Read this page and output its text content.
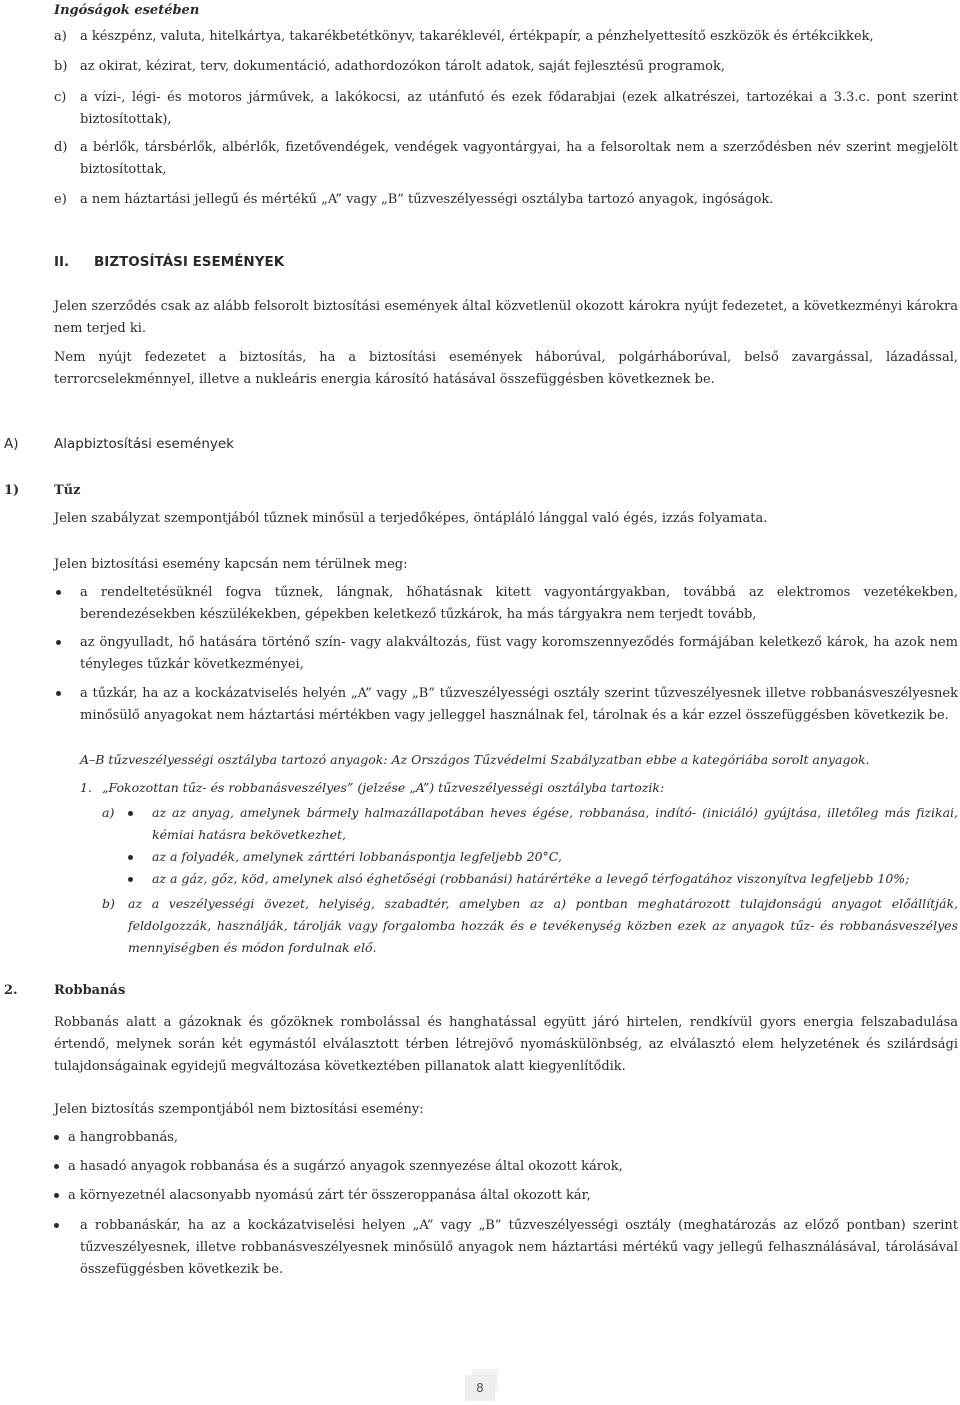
Ingóságok esetében
a)	a készpénz, valuta, hitelkártya, takarékbetétkönyv, takaréklevél, értékpapír, a pénzhelyettesítő eszközök és értékcikkek,
b) az okirat, kézirat, terv, dokumentáció, adathordozókon tárolt adatok, saját fejlesztésű programok,
c)	a vízi-, légi- és motoros járművek, a lakókocsi, az utánfutó és ezek fődarabjai (ezek alkatrészei, tartozékai a 3.3.c. pont szerint biztosítottak),
d) a bérlők, társbérlők, albérlők, fizetővendégek, vendégek vagyontárgyai, ha a felsoroltak nem a szerződésben név szerint megjelölt biztosítottak,
e)	a nem háztartási jellegű és mértékű „A” vagy „B” tűzveszélyességi osztályba tartozó anyagok, ingóságok.
II.	BIZTOSÍTÁSI ESEMÉNYEK
Jelen szerződés csak az alább felsorolt biztosítási események által közvetlenül okozott károkra nyújt fedezetet, a következményi károkra nem terjed ki.
Nem nyújt fedezetet a biztosítás, ha a biztosítási események háborúval, polgárháborúval, belső zavargással, lázadással, terrorcselekménnyel, illetve a nukleáris energia károsító hatásával összefüggésben következnek be.
A)	Alapbiztosítási események
1)	Tűz
Jelen szabályzat szempontjából tűznek minősül a terjedőképes, öntápláló lánggal való égés, izzás folyamata.
Jelen biztosítási esemény kapcsán nem térülnek meg:
a rendeltetésüknél fogva tűznek, lángnak, hőhatásnak kitett vagyontárgyakban, továbbá az elektromos vezetékekben, berendezésekben készülékekben, gépekben keletkező tűzkárok, ha más tárgyakra nem terjedt tovább,
az öngyulladt, hő hatására történő szín- vagy alakváltozás, füst vagy koromszennyeződés formájában keletkező károk, ha azok nem tényleges tűzkár következményei,
a tűzkár, ha az a kockázatviselés helyén „A” vagy „B” tűzveszélyességi osztály szerint tűzveszélyesnek illetve robbanásveszélyesnek minősülő anyagokat nem háztartási mértékben vagy jelleggel használnak fel, tárolnak és a kár ezzel összefüggésben következik be.
A–B tűzveszélyességi osztályba tartozó anyagok: Az Országos Tűzvédelmi Szabályzatban ebbe a kategóriába sorolt anyagok.
1. „Fokozottan tűz- és robbanásveszélyes” (jelzése „A”) tűzveszélyességi osztályba tartozik:
a)	az az anyag, amelynek bármely halmazállapotában heves égése, robbanása, indító- (iniciáló) gyújtása, illetőleg más fizikai, kémiai hatásra bekövetkezhet,
az a folyadék, amelynek zárttéri lobbanáspontja legfeljebb 20°C,
az a gáz, gőz, köd, amelynek alsó éghetőségi (robbanási) határértéke a levegő térfogatához viszonyítva legfeljebb 10%;
b)	az a veszélyességi övezet, helyiség, szabadtér, amelyben az a) pontban meghatározott tulajdonságú anyagot előállítják, feldolgozzák, használják, tárolják vagy forgalomba hozzák és e tevékenység közben ezek az anyagok tűz- és robbanásveszélyes mennyiségben és módon fordulnak elő.
2.	Robbanás
Robbanás alatt a gázoknak és gőzöknek rombolással és hanghatással együtt járó hirtelen, rendkívül gyors energia felszabadulása értendő, melynek során két egymástól elválasztott térben létrejövő nyomáskülönbség, az elválasztó elem helyzetének és szilárdsági tulajdonságainak egyidejű megváltozása következtében pillanatok alatt kiegyenlítődik.
Jelen biztosítás szempontjából nem biztosítási esemény:
a hangrobbanás,
a hasadó anyagok robbanása és a sugárzó anyagok szennyezése által okozott károk,
a környezetnél alacsonyabb nyomású zárt tér összeroppanása által okozott kár,
a robbanáskár, ha az a kockázatviselési helyen „A” vagy „B” tűzveszélyességi osztály (meghatározás az előző pontban) szerint tűzveszélyesnek, illetve robbanásveszélyesnek minősülő anyagok nem háztartási mértékű vagy jellegű felhasználásával, tárolásával összefüggésben következik be.
8
